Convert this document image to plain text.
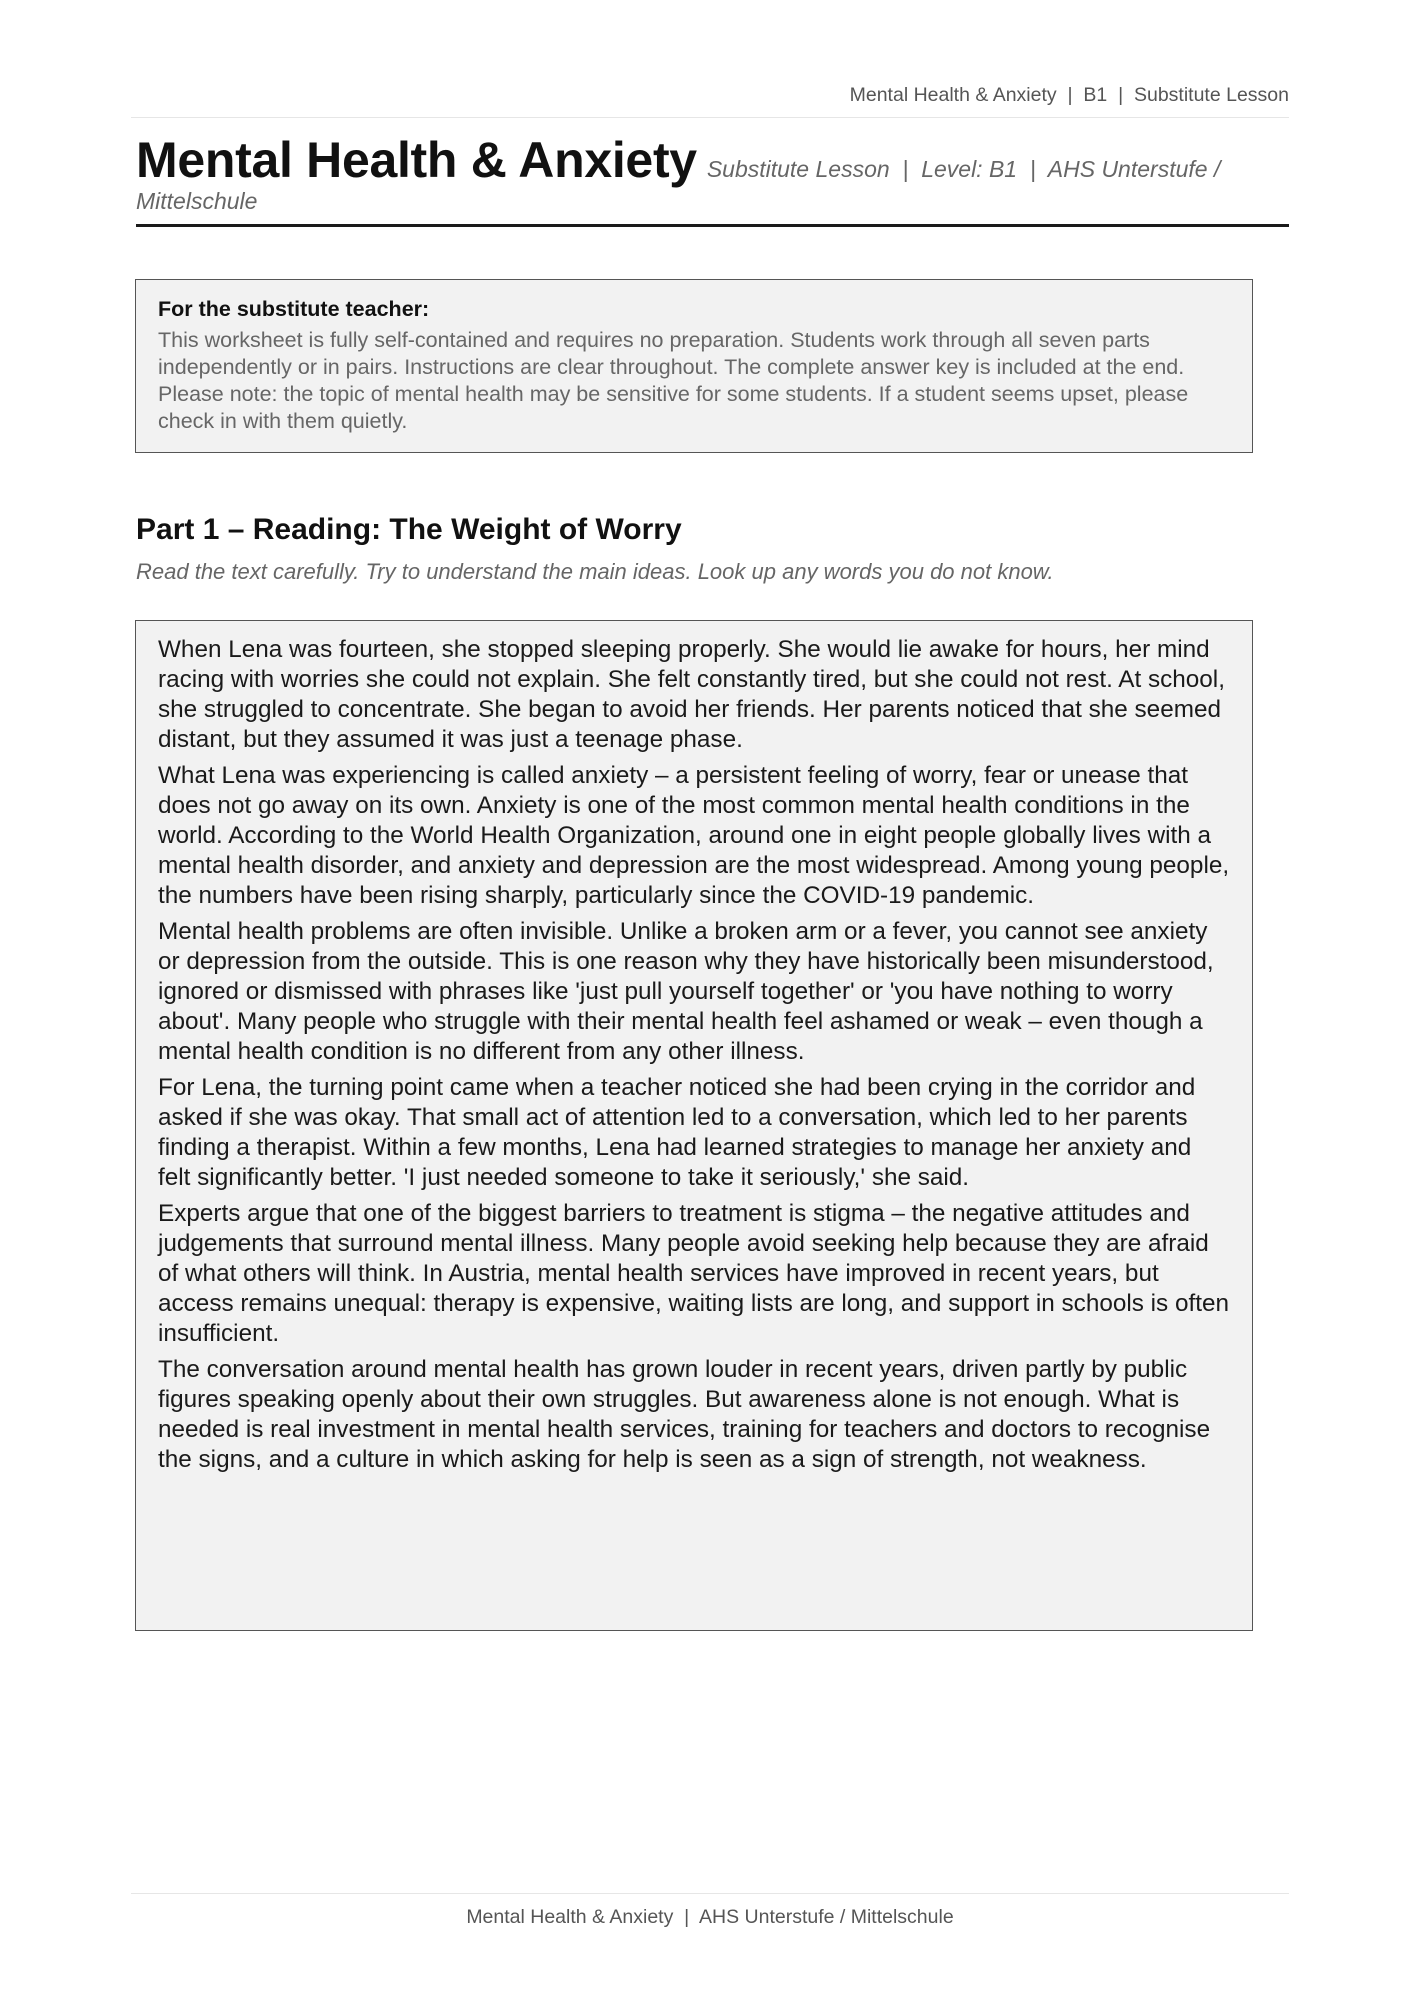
Mental Health & Anxiety  |  B1  |  Substitute Lesson
Mental Health & Anxiety Substitute Lesson  |  Level: B1  |  AHS Unterstufe /
Mittelschule
For the substitute teacher:
This worksheet is fully self-contained and requires no preparation. Students work through all seven parts independently or in pairs. Instructions are clear throughout. The complete answer key is included at the end. Please note: the topic of mental health may be sensitive for some students. If a student seems upset, please check in with them quietly.
Part 1 – Reading: The Weight of Worry
Read the text carefully. Try to understand the main ideas. Look up any words you do not know.

When Lena was fourteen, she stopped sleeping properly. She would lie awake for hours, her mind racing with worries she could not explain. She felt constantly tired, but she could not rest. At school, she struggled to concentrate. She began to avoid her friends. Her parents noticed that she seemed distant, but they assumed it was just a teenage phase.

What Lena was experiencing is called anxiety – a persistent feeling of worry, fear or unease that does not go away on its own. Anxiety is one of the most common mental health conditions in the world. According to the World Health Organization, around one in eight people globally lives with a mental health disorder, and anxiety and depression are the most widespread. Among young people, the numbers have been rising sharply, particularly since the COVID-19 pandemic.

Mental health problems are often invisible. Unlike a broken arm or a fever, you cannot see anxiety or depression from the outside. This is one reason why they have historically been misunderstood, ignored or dismissed with phrases like 'just pull yourself together' or 'you have nothing to worry about'. Many people who struggle with their mental health feel ashamed or weak – even though a mental health condition is no different from any other illness.

For Lena, the turning point came when a teacher noticed she had been crying in the corridor and asked if she was okay. That small act of attention led to a conversation, which led to her parents finding a therapist. Within a few months, Lena had learned strategies to manage her anxiety and felt significantly better. 'I just needed someone to take it seriously,' she said.

Experts argue that one of the biggest barriers to treatment is stigma – the negative attitudes and judgements that surround mental illness. Many people avoid seeking help because they are afraid of what others will think. In Austria, mental health services have improved in recent years, but access remains unequal: therapy is expensive, waiting lists are long, and support in schools is often insufficient.

The conversation around mental health has grown louder in recent years, driven partly by public figures speaking openly about their own struggles. But awareness alone is not enough. What is needed is real investment in mental health services, training for teachers and doctors to recognise the signs, and a culture in which asking for help is seen as a sign of strength, not weakness.

Mental Health & Anxiety  |  AHS Unterstufe / Mittelschule
